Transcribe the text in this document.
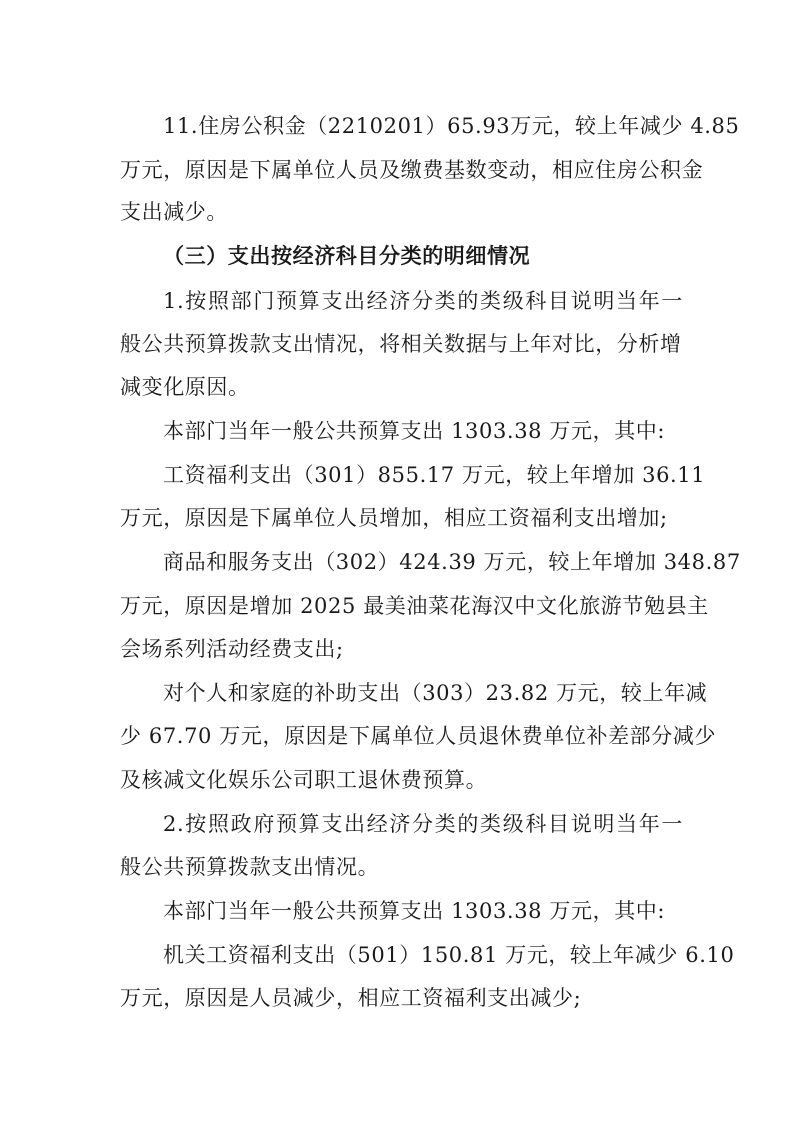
11.住房公积金（2210201）65.93万元，较上年减少 4.85

万元，原因是下属单位人员及缴费基数变动，相应住房公积金

支出减少。

（三）支出按经济科目分类的明细情况

1.按照部门预算支出经济分类的类级科目说明当年一

般公共预算拨款支出情况，将相关数据与上年对比，分析增

减变化原因。

本部门当年一般公共预算支出 1303.38 万元，其中:

工资福利支出（301）855.17 万元，较上年增加 36.11

万元，原因是下属单位人员增加，相应工资福利支出增加;

商品和服务支出（302）424.39 万元，较上年增加 348.87

万元，原因是增加 2025 最美油菜花海汉中文化旅游节勉县主

会场系列活动经费支出;

对个人和家庭的补助支出（303）23.82 万元，较上年减

少 67.70 万元，原因是下属单位人员退休费单位补差部分减少

及核减文化娱乐公司职工退休费预算。

2.按照政府预算支出经济分类的类级科目说明当年一

般公共预算拨款支出情况。

本部门当年一般公共预算支出 1303.38 万元，其中:

机关工资福利支出（501）150.81 万元，较上年减少 6.10

万元，原因是人员减少，相应工资福利支出减少;
